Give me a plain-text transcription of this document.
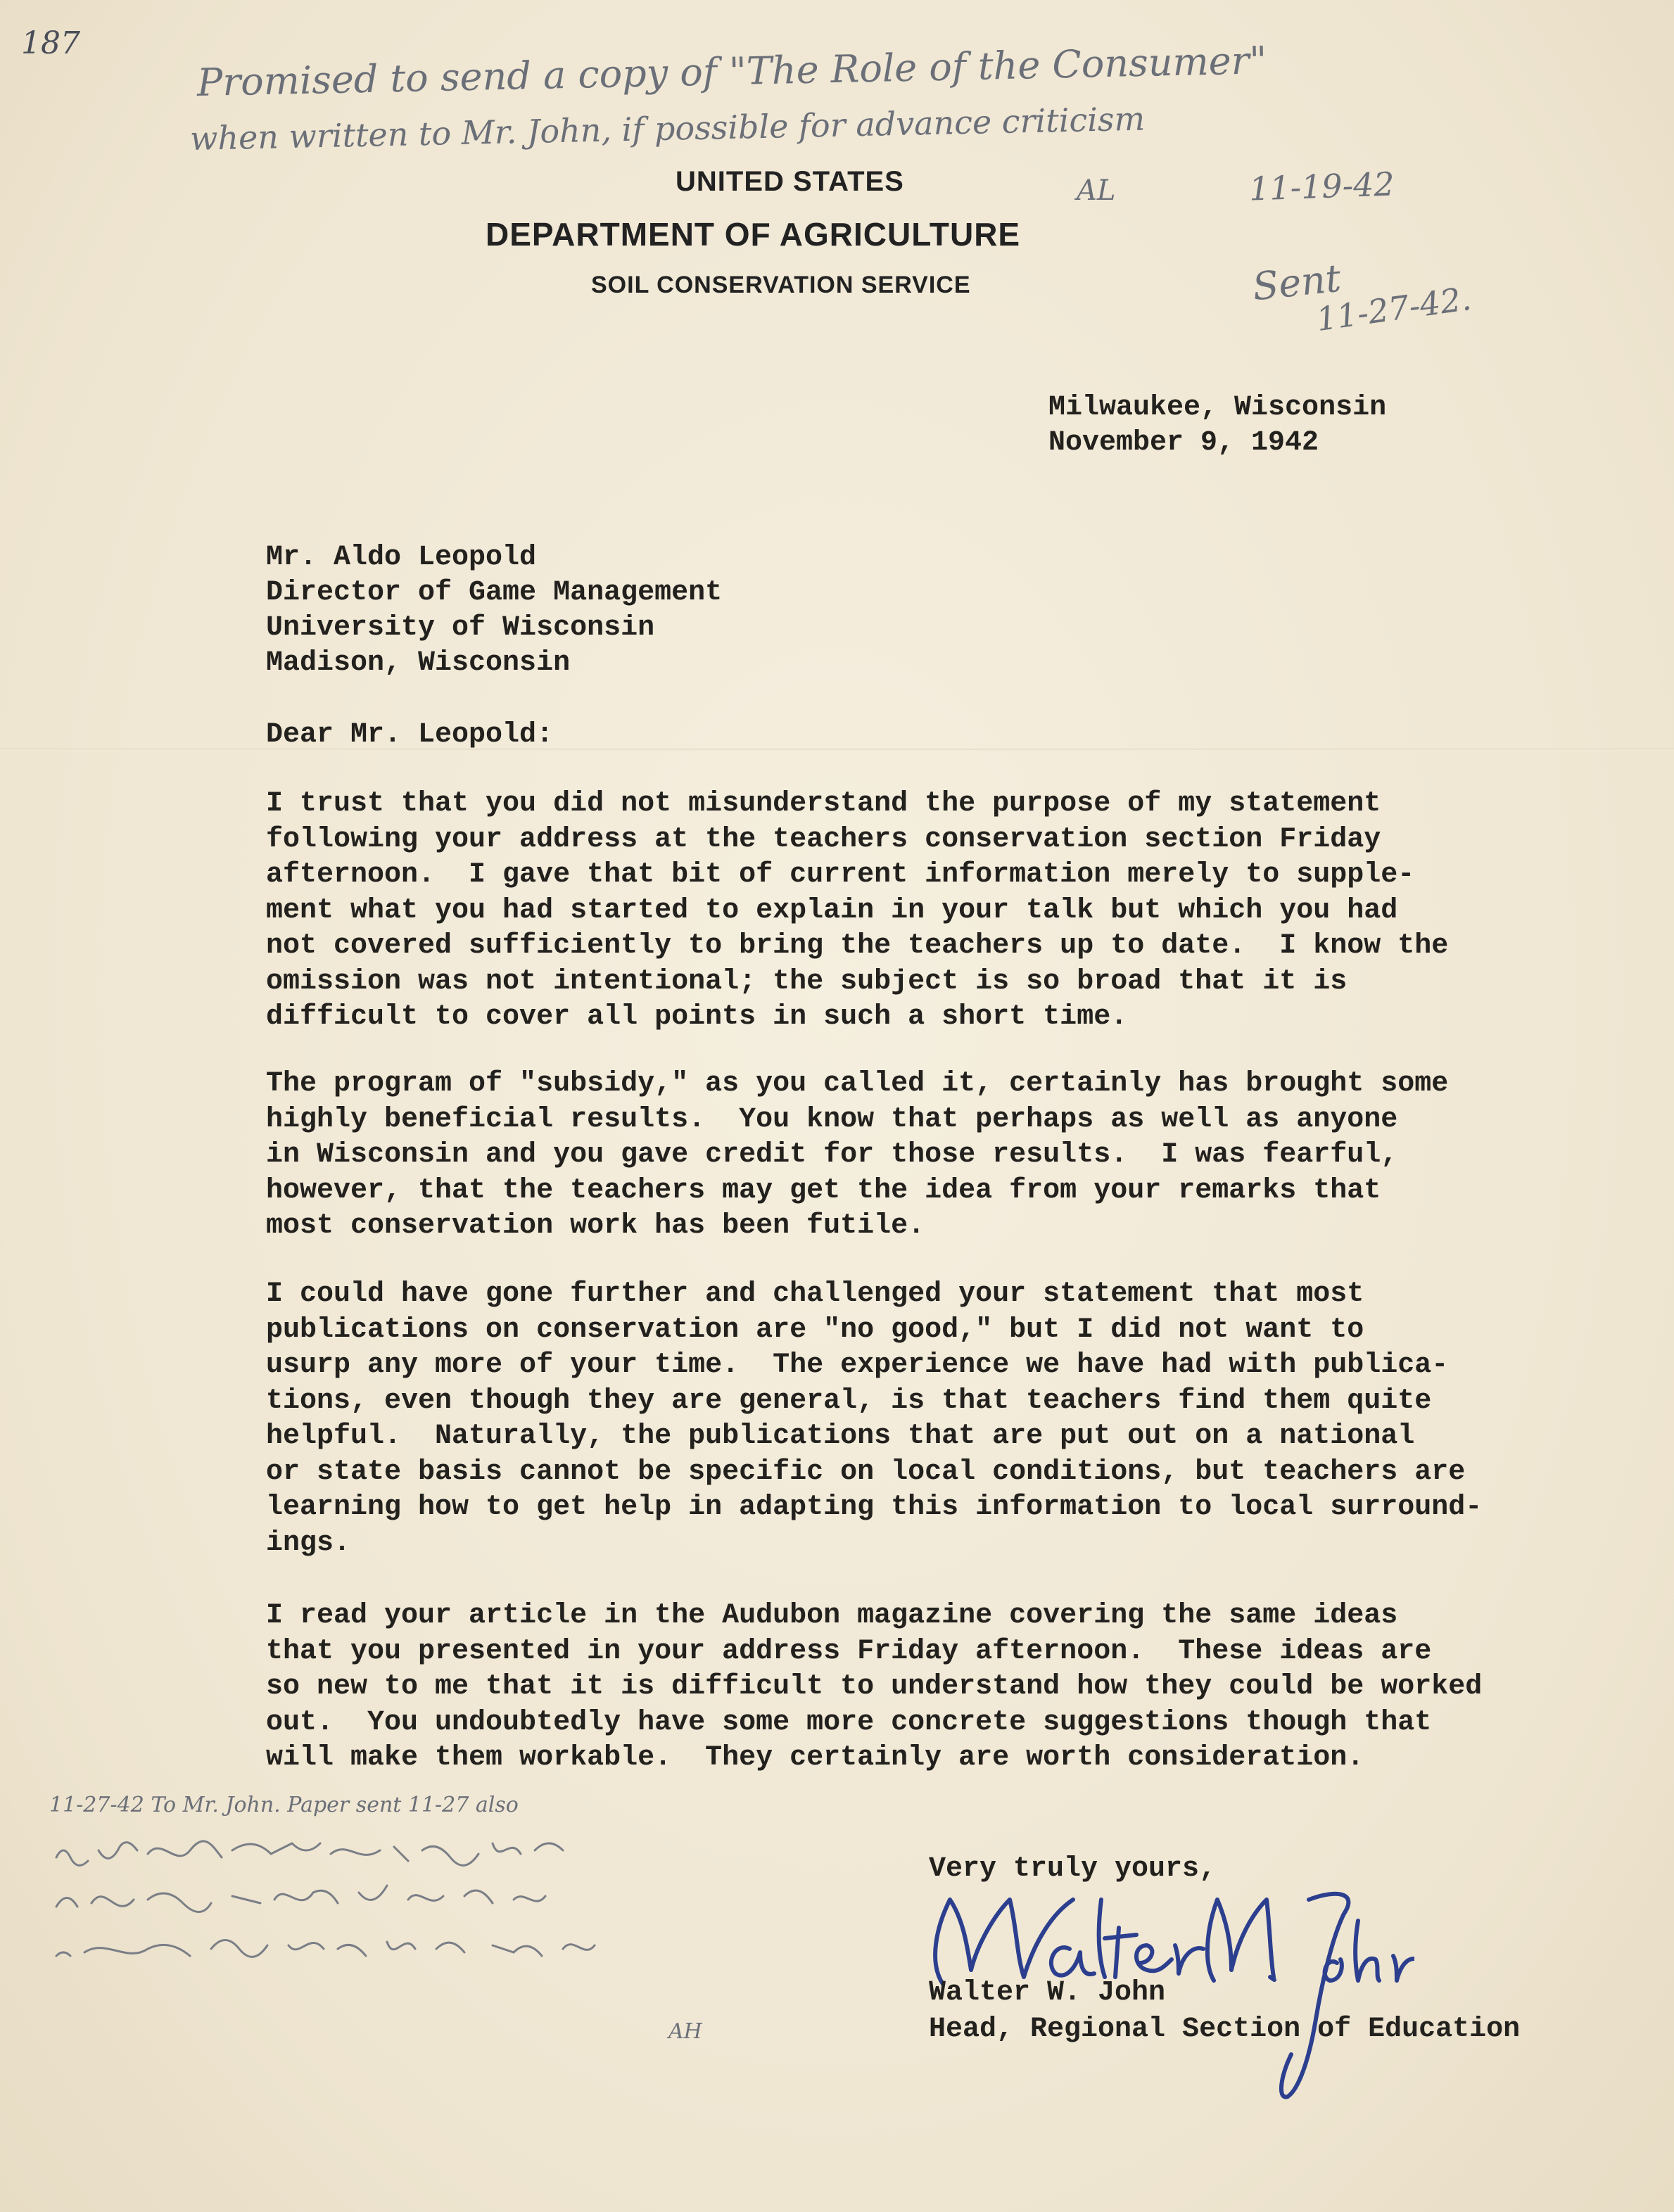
187	Promised to send a copy of "The Role of the Consumer"
when written to Mr. John, if possible for advance criticism
AL	11-19-42
Sent
11-27-42.
UNITED STATES
DEPARTMENT OF AGRICULTURE
SOIL CONSERVATION SERVICE
Milwaukee, Wisconsin
November 9, 1942
Mr. Aldo Leopold
Director of Game Management
University of Wisconsin
Madison, Wisconsin
Dear Mr. Leopold:
I trust that you did not misunderstand the purpose of my statement
following your address at the teachers conservation section Friday
afternoon.  I gave that bit of current information merely to supple-
ment what you had started to explain in your talk but which you had
not covered sufficiently to bring the teachers up to date.  I know the
omission was not intentional; the subject is so broad that it is
difficult to cover all points in such a short time.
The program of "subsidy," as you called it, certainly has brought some
highly beneficial results.  You know that perhaps as well as anyone
in Wisconsin and you gave credit for those results.  I was fearful,
however, that the teachers may get the idea from your remarks that
most conservation work has been futile.
I could have gone further and challenged your statement that most
publications on conservation are "no good," but I did not want to
usurp any more of your time.  The experience we have had with publica-
tions, even though they are general, is that teachers find them quite
helpful.  Naturally, the publications that are put out on a national
or state basis cannot be specific on local conditions, but teachers are
learning how to get help in adapting this information to local surround-
ings.
I read your article in the Audubon magazine covering the same ideas
that you presented in your address Friday afternoon.  These ideas are
so new to me that it is difficult to understand how they could be worked
out.  You undoubtedly have some more concrete suggestions though that
will make them workable.  They certainly are worth consideration.
11-27-42 To Mr. John. Paper sent 11-27 also
AH
Very truly yours,
Walter W. John
Head, Regional Section of Education
